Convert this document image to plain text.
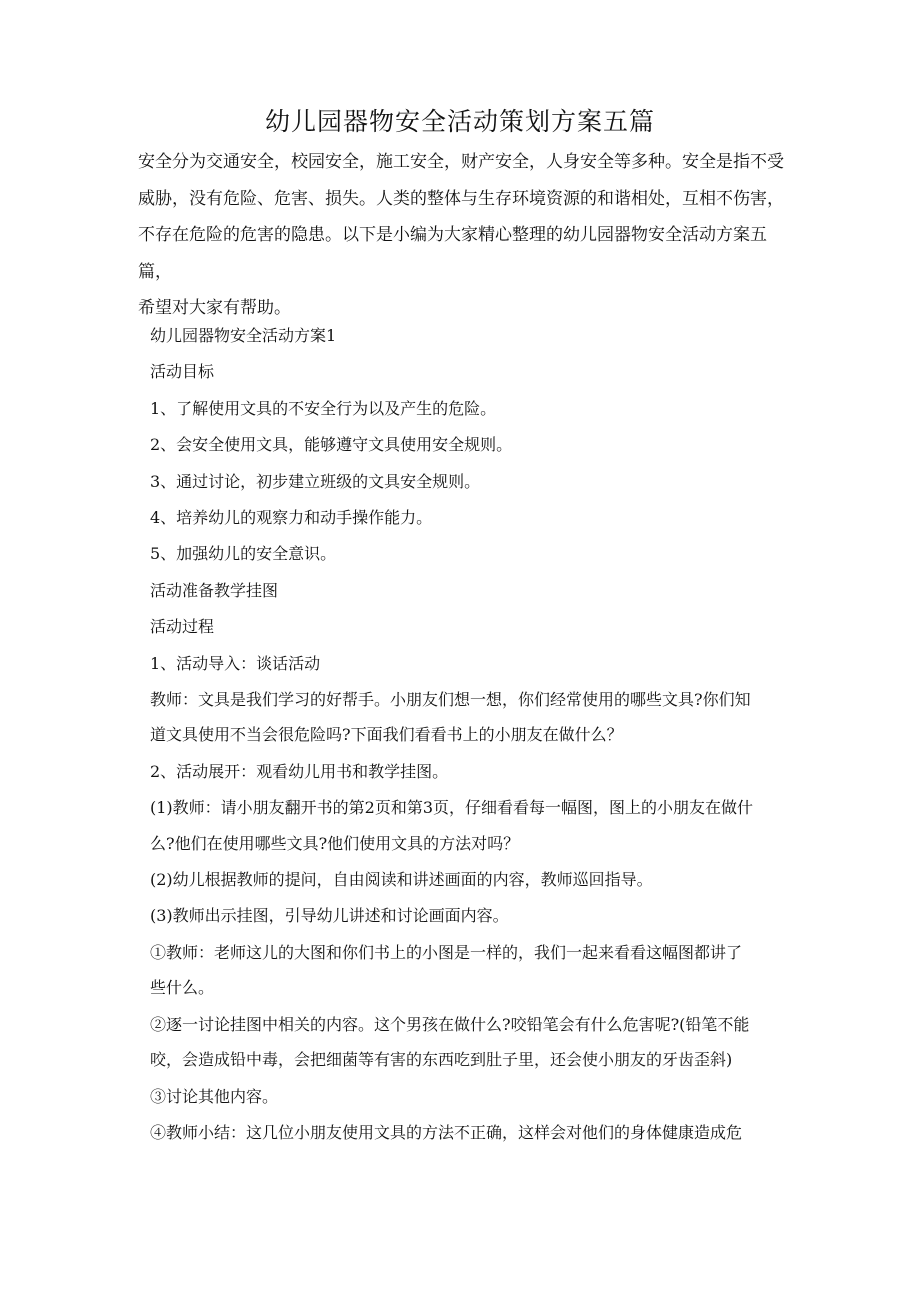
幼儿园器物安全活动策划方案五篇

安全分为交通安全，校园安全，施工安全，财产安全，人身安全等多种。安全是指不受

威胁，没有危险、危害、损失。人类的整体与生存环境资源的和谐相处，互相不伤害，

不存在危险的危害的隐患。以下是小编为大家精心整理的幼儿园器物安全活动方案五篇，

希望对大家有帮助。

幼儿园器物安全活动方案1

活动目标

1、了解使用文具的不安全行为以及产生的危险。

2、会安全使用文具，能够遵守文具使用安全规则。

3、通过讨论，初步建立班级的文具安全规则。

4、培养幼儿的观察力和动手操作能力。

5、加强幼儿的安全意识。

活动准备教学挂图

活动过程

1、活动导入：谈话活动

教师：文具是我们学习的好帮手。小朋友们想一想，你们经常使用的哪些文具?你们知

道文具使用不当会很危险吗?下面我们看看书上的小朋友在做什么？

2、活动展开：观看幼儿用书和教学挂图。

(1)教师：请小朋友翻开书的第2页和第3页，仔细看看每一幅图，图上的小朋友在做什

么?他们在使用哪些文具?他们使用文具的方法对吗？

(2)幼儿根据教师的提问，自由阅读和讲述画面的内容，教师巡回指导。

(3)教师出示挂图，引导幼儿讲述和讨论画面内容。

①教师：老师这儿的大图和你们书上的小图是一样的，我们一起来看看这幅图都讲了

些什么。

②逐一讨论挂图中相关的内容。这个男孩在做什么?咬铅笔会有什么危害呢?(铅笔不能

咬，会造成铅中毒，会把细菌等有害的东西吃到肚子里，还会使小朋友的牙齿歪斜)

③讨论其他内容。

④教师小结：这几位小朋友使用文具的方法不正确，这样会对他们的身体健康造成危
